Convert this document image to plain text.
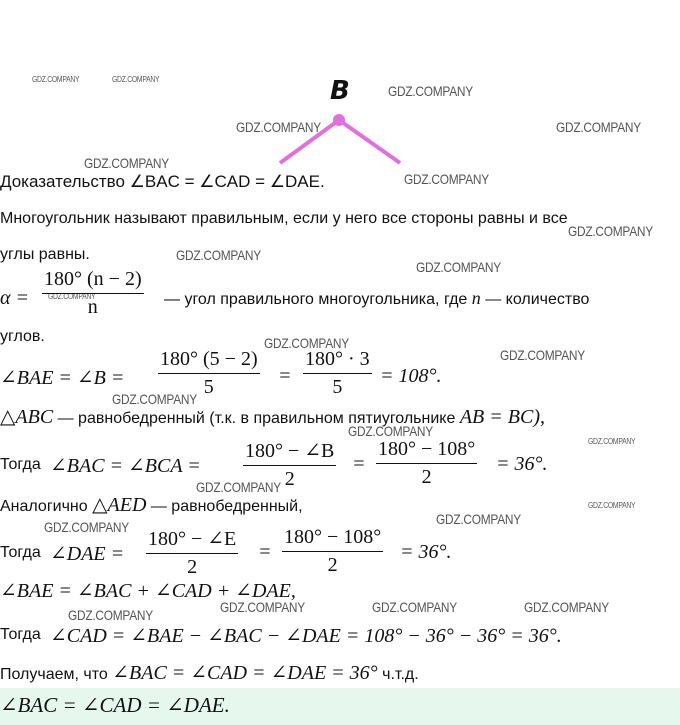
B
GDZ.COMPANY	GDZ.COMPANY
GDZ.COMPANY
GDZ.COMPANY	GDZ.COMPANY
GDZ.COMPANY
GDZ.COMPANY
GDZ.COMPANY
GDZ.COMPANY
GDZ.COMPANY
GDZ.COMPANY
GDZ.COMPANY
GDZ.COMPANY
GDZ.COMPANY
GDZ.COMPANY
GDZ.COMPANY
GDZ.COMPANY
GDZ.COMPANY
GDZ.COMPANY	GDZ.COMPANY
GDZ.COMPANY	GDZ.COMPANY	GDZ.COMPANY	GDZ.COMPANY
Доказательство ∠BAC = ∠CAD = ∠DAE.
Многоугольник называют правильным, если у него все стороны равны и все
углы равны.
$\alpha = \frac{180^\circ (n - 2)}{n}$ — угол правильного многоугольника, где n — количество
углов.
∠BAE = ∠B = $\frac{180^\circ (5 - 2)}{5} = \frac{180^\circ \cdot 3}{5} = 108^\circ$.
△ABC — равнобедренный (т.к. в правильном пятиугольнике AB = BC),
Тогда ∠BAC = ∠BCA = $\frac{180^\circ - \angle B}{2} = \frac{180^\circ - 108^\circ}{2} = 36^\circ$.
Аналогично △AED — равнобедренный,
Тогда ∠DAE = $\frac{180^\circ - \angle E}{2} = \frac{180^\circ - 108^\circ}{2} = 36^\circ$.
∠BAE = ∠BAC + ∠CAD + ∠DAE,
Тогда ∠CAD = ∠BAE − ∠BAC − ∠DAE = 108° − 36° − 36° = 36°.
Получаем, что ∠BAC = ∠CAD = ∠DAE = 36° ч.т.д.
∠BAC = ∠CAD = ∠DAE.
